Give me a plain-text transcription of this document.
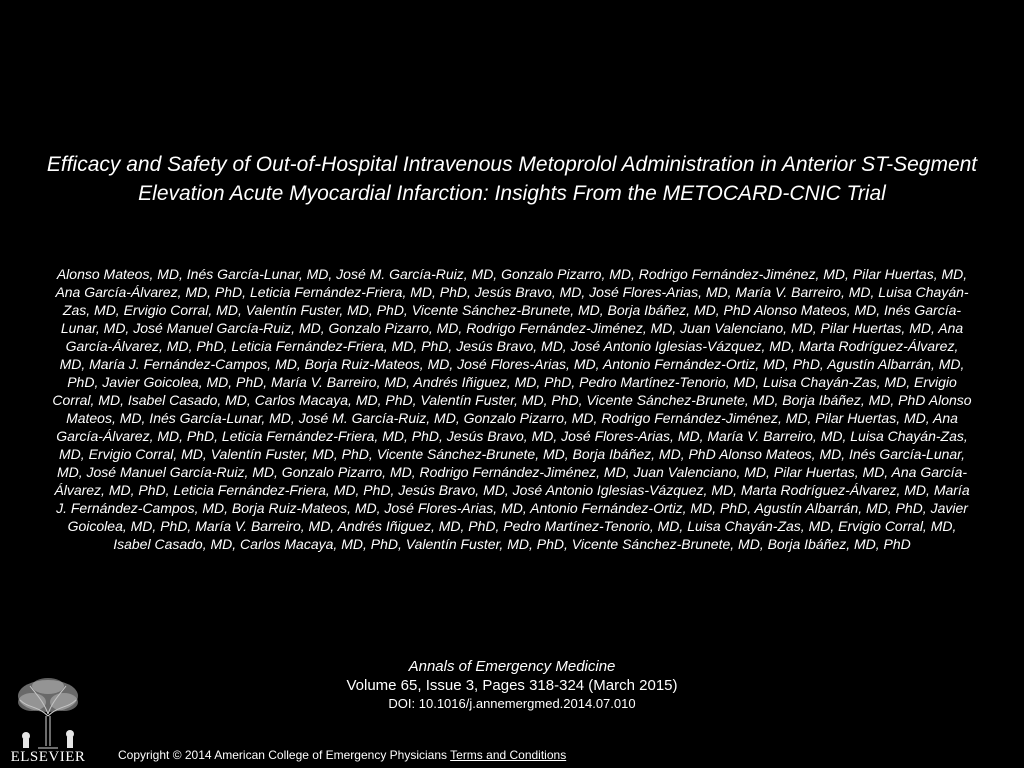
Efficacy and Safety of Out-of-Hospital Intravenous Metoprolol Administration in Anterior ST-Segment Elevation Acute Myocardial Infarction: Insights From the METOCARD-CNIC Trial
Alonso Mateos, MD, Inés García-Lunar, MD, José M. García-Ruiz, MD, Gonzalo Pizarro, MD, Rodrigo Fernández-Jiménez, MD, Pilar Huertas, MD, Ana García-Álvarez, MD, PhD, Leticia Fernández-Friera, MD, PhD, Jesús Bravo, MD, José Flores-Arias, MD, María V. Barreiro, MD, Luisa Chayán-Zas, MD, Ervigio Corral, MD, Valentín Fuster, MD, PhD, Vicente Sánchez-Brunete, MD, Borja Ibáñez, MD, PhD Alonso Mateos, MD, Inés García-Lunar, MD, José Manuel García-Ruiz, MD, Gonzalo Pizarro, MD, Rodrigo Fernández-Jiménez, MD, Juan Valenciano, MD, Pilar Huertas, MD, Ana García-Álvarez, MD, PhD, Leticia Fernández-Friera, MD, PhD, Jesús Bravo, MD, José Antonio Iglesias-Vázquez, MD, Marta Rodríguez-Álvarez, MD, María J. Fernández-Campos, MD, Borja Ruiz-Mateos, MD, José Flores-Arias, MD, Antonio Fernández-Ortiz, MD, PhD, Agustín Albarrán, MD, PhD, Javier Goicolea, MD, PhD, María V. Barreiro, MD, Andrés Iñiguez, MD, PhD, Pedro Martínez-Tenorio, MD, Luisa Chayán-Zas, MD, Ervigio Corral, MD, Isabel Casado, MD, Carlos Macaya, MD, PhD, Valentín Fuster, MD, PhD, Vicente Sánchez-Brunete, MD, Borja Ibáñez, MD, PhD Alonso Mateos, MD, Inés García-Lunar, MD, José M. García-Ruiz, MD, Gonzalo Pizarro, MD, Rodrigo Fernández-Jiménez, MD, Pilar Huertas, MD, Ana García-Álvarez, MD, PhD, Leticia Fernández-Friera, MD, PhD, Jesús Bravo, MD, José Flores-Arias, MD, María V. Barreiro, MD, Luisa Chayán-Zas, MD, Ervigio Corral, MD, Valentín Fuster, MD, PhD, Vicente Sánchez-Brunete, MD, Borja Ibáñez, MD, PhD Alonso Mateos, MD, Inés García-Lunar, MD, José Manuel García-Ruiz, MD, Gonzalo Pizarro, MD, Rodrigo Fernández-Jiménez, MD, Juan Valenciano, MD, Pilar Huertas, MD, Ana García-Álvarez, MD, PhD, Leticia Fernández-Friera, MD, PhD, Jesús Bravo, MD, José Antonio Iglesias-Vázquez, MD, Marta Rodríguez-Álvarez, MD, María J. Fernández-Campos, MD, Borja Ruiz-Mateos, MD, José Flores-Arias, MD, Antonio Fernández-Ortiz, MD, PhD, Agustín Albarrán, MD, PhD, Javier Goicolea, MD, PhD, María V. Barreiro, MD, Andrés Iñiguez, MD, PhD, Pedro Martínez-Tenorio, MD, Luisa Chayán-Zas, MD, Ervigio Corral, MD, Isabel Casado, MD, Carlos Macaya, MD, PhD, Valentín Fuster, MD, PhD, Vicente Sánchez-Brunete, MD, Borja Ibáñez, MD, PhD
Annals of Emergency Medicine
Volume 65, Issue 3, Pages 318-324 (March 2015)
DOI: 10.1016/j.annemergmed.2014.07.010
ELSEVIER	Copyright © 2014 American College of Emergency Physicians Terms and Conditions
